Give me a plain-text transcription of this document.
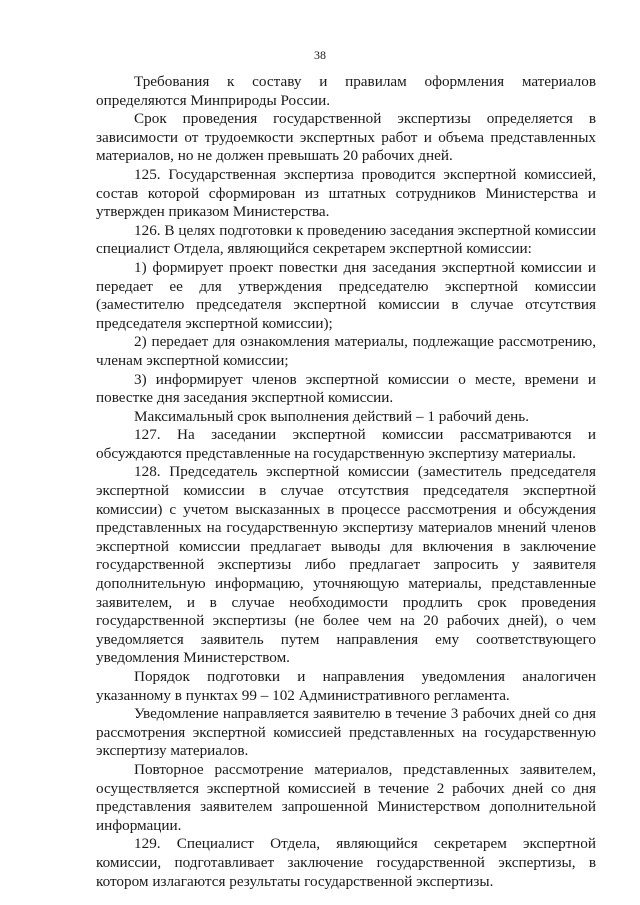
38

Требования к составу и правилам оформления материалов определяются Минприроды России.

Срок проведения государственной экспертизы определяется в зависимости от трудоемкости экспертных работ и объема представленных материалов, но не должен превышать 20 рабочих дней.

125. Государственная экспертиза проводится экспертной комиссией, состав которой сформирован из штатных сотрудников Министерства и утвержден приказом Министерства.

126. В целях подготовки к проведению заседания экспертной комиссии специалист Отдела, являющийся секретарем экспертной комиссии:

1) формирует проект повестки дня заседания экспертной комиссии и передает ее для утверждения председателю экспертной комиссии (заместителю председателя экспертной комиссии в случае отсутствия председателя экспертной комиссии);

2) передает для ознакомления материалы, подлежащие рассмотрению, членам экспертной комиссии;

3) информирует членов экспертной комиссии о месте, времени и повестке дня заседания экспертной комиссии.

Максимальный срок выполнения действий – 1 рабочий день.

127. На заседании экспертной комиссии рассматриваются и обсуждаются представленные на государственную экспертизу материалы.

128. Председатель экспертной комиссии (заместитель председателя экспертной комиссии в случае отсутствия председателя экспертной комиссии) с учетом высказанных в процессе рассмотрения и обсуждения представленных на государственную экспертизу материалов мнений членов экспертной комиссии предлагает выводы для включения в заключение государственной экспертизы либо предлагает запросить у заявителя дополнительную информацию, уточняющую материалы, представленные заявителем, и в случае необходимости продлить срок проведения государственной экспертизы (не более чем на 20 рабочих дней), о чем уведомляется заявитель путем направления ему соответствующего уведомления Министерством.

Порядок подготовки и направления уведомления аналогичен указанному в пунктах 99 – 102 Административного регламента.

Уведомление направляется заявителю в течение 3 рабочих дней со дня рассмотрения экспертной комиссией представленных на государственную экспертизу материалов.

Повторное рассмотрение материалов, представленных заявителем, осуществляется экспертной комиссией в течение 2 рабочих дней со дня представления заявителем запрошенной Министерством дополнительной информации.

129. Специалист Отдела, являющийся секретарем экспертной комиссии, подготавливает заключение государственной экспертизы, в котором излагаются результаты государственной экспертизы.
